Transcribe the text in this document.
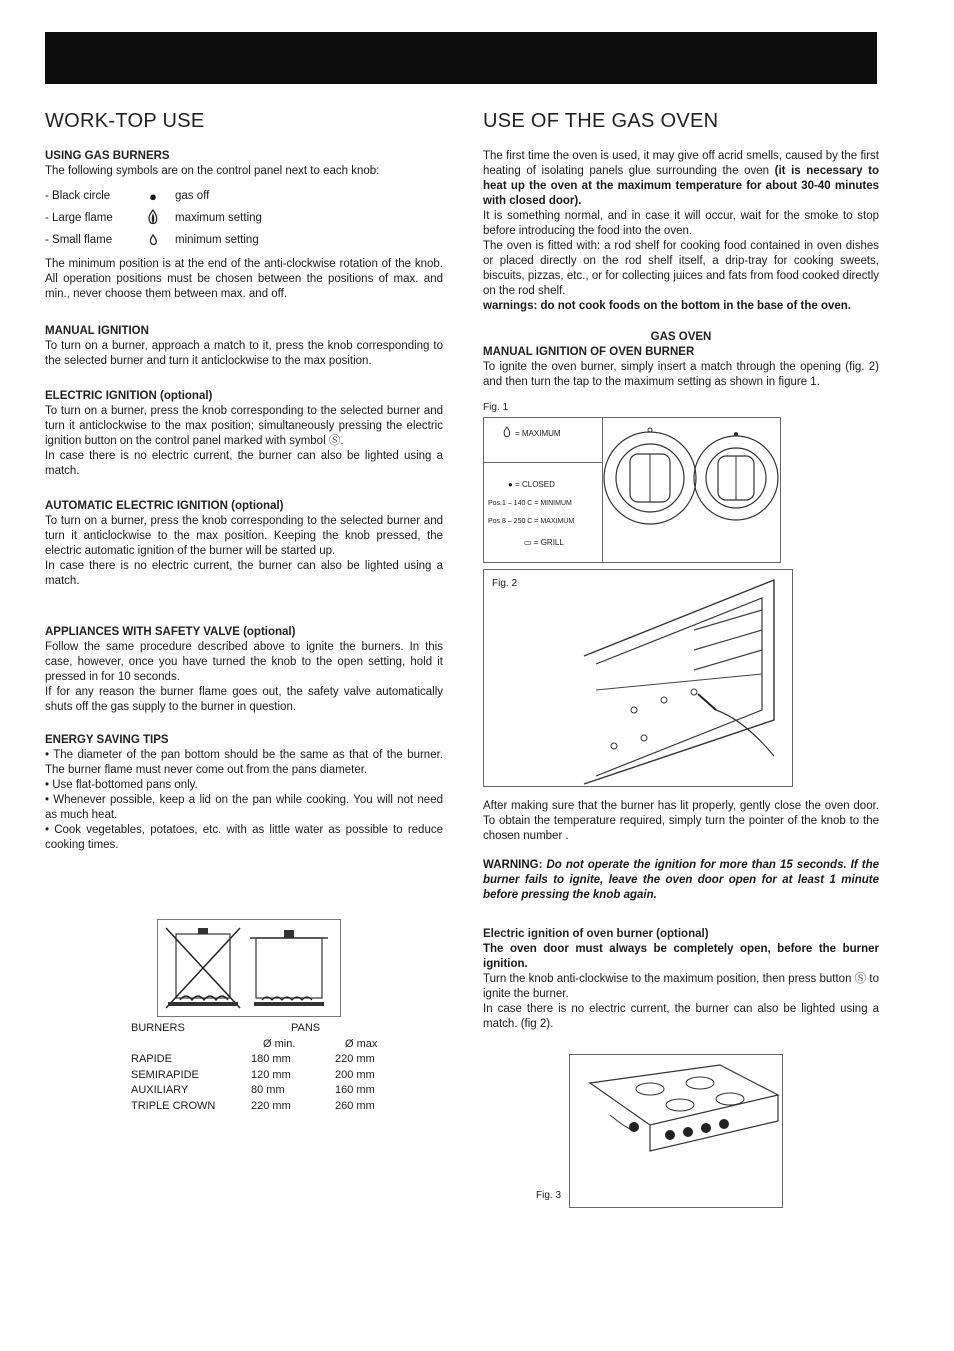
WORK-TOP USE
USING GAS BURNERS

The following symbols are on the control panel next to each knob:

- Black circle	●	gas off
- Large flame	maximum setting
- Small flame	minimum setting

The minimum position is at the end of the anti-clockwise rotation of the knob. All operation positions must be chosen between the positions of max. and min., never choose them between max. and off.

MANUAL IGNITION

To turn on a burner, approach a match to it, press the knob corresponding to the selected burner and turn it anticlockwise to the max position.

ELECTRIC IGNITION (optional)

To turn on a burner, press the knob corresponding to the selected burner and turn it anticlockwise to the max position; simultaneously pressing the electric ignition button on the control panel marked with symbol Ⓢ.

In case there is no electric current, the burner can also be lighted using a match.

AUTOMATIC ELECTRIC IGNITION (optional)

To turn on a burner, press the knob corresponding to the selected burner and turn it anticlockwise to the max position. Keeping the knob pressed, the electric automatic ignition of the burner will be started up.

In case there is no electric current, the burner can also be lighted using a match.

APPLIANCES WITH SAFETY VALVE (optional)

Follow the same procedure described above to ignite the burners. In this case, however, once you have turned the knob to the open setting, hold it pressed in for 10 seconds.

If for any reason the burner flame goes out, the safety valve automatically shuts off the gas supply to the burner in question.

ENERGY SAVING TIPS

• The diameter of the pan bottom should be the same as that of the burner. The burner flame must never come out from the pans diameter.

• Use flat-bottomed pans only.

• Whenever possible, keep a lid on the pan while cooking. You will not need as much heat.

• Cook vegetables, potatoes, etc. with as little water as possible to reduce cooking times.

BURNERS	PANS	
	Ø min.	Ø max
RAPIDE	180 mm	220 mm
SEMIRAPIDE	120 mm	200 mm
AUXILIARY	80 mm	160 mm
TRIPLE CROWN	220 mm	260 mm
USE OF THE GAS OVEN

The first time the oven is used, it may give off acrid smells, caused by the first heating of isolating panels glue surrounding the oven (it is necessary to heat up the oven at the maximum temperature for about 30-40 minutes with closed door).

It is something normal, and in case it will occur, wait for the smoke to stop before introducing the food into the oven.

The oven is fitted with: a rod shelf for cooking food contained in oven dishes or placed directly on the rod shelf itself, a drip-tray for cooking sweets, biscuits, pizzas, etc., or for collecting juices and fats from food cooked directly on the rod shelf.

warnings: do not cook foods on the bottom in the base of the oven.

GAS OVEN
MANUAL IGNITION OF OVEN BURNER

To ignite the oven burner, simply insert a match through the opening (fig. 2) and then turn the tap to the maximum setting as shown in figure 1.

Fig. 1
= MAXIMUM
● = CLOSED
Pos.1 – 140 C = MINIMUM
Pos.8 – 250 C = MAXIMUM
▭ = GRILL
Fig. 2

After making sure that the burner has lit properly, gently close the oven door. To obtain the temperature required, simply turn the pointer of the knob to the chosen number .

WARNING: Do not operate the ignition for more than 15 seconds. If the burner fails to ignite, leave the oven door open for at least 1 minute before pressing the knob again.

Electric ignition of oven burner (optional)

The oven door must always be completely open, before the burner ignition.

Turn the knob anti-clockwise to the maximum position, then press button Ⓢ to ignite the burner.

In case there is no electric current, the burner can also be lighted using a match. (fig 2).

Fig. 3
